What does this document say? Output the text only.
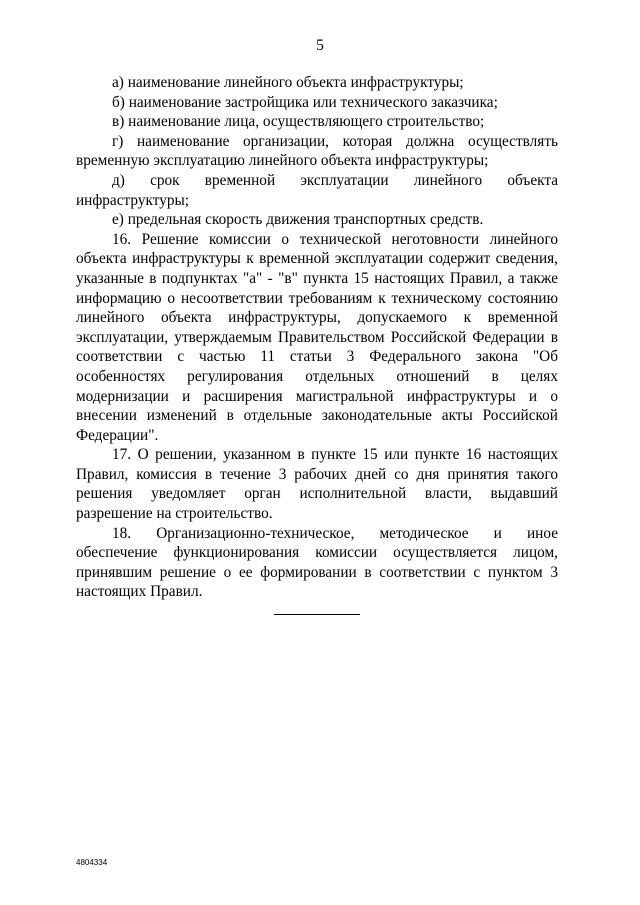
5

а) наименование линейного объекта инфраструктуры;

б) наименование застройщика или технического заказчика;

в) наименование лица, осуществляющего строительство;

г) наименование организации, которая должна осуществлять временную эксплуатацию линейного объекта инфраструктуры;

д) срок временной эксплуатации линейного объекта инфраструктуры;

е) предельная скорость движения транспортных средств.

16. Решение комиссии о технической неготовности линейного объекта инфраструктуры к временной эксплуатации содержит сведения, указанные в подпунктах "а" - "в" пункта 15 настоящих Правил, а также информацию о несоответствии требованиям к техническому состоянию линейного объекта инфраструктуры, допускаемого к временной эксплуатации, утверждаемым Правительством Российской Федерации в соответствии с частью 11 статьи 3 Федерального закона "Об особенностях регулирования отдельных отношений в целях модернизации и расширения магистральной инфраструктуры и о внесении изменений в отдельные законодательные акты Российской Федерации".

17. О решении, указанном в пункте 15 или пункте 16 настоящих Правил, комиссия в течение 3 рабочих дней со дня принятия такого решения уведомляет орган исполнительной власти, выдавший разрешение на строительство.

18. Организационно-техническое, методическое и иное обеспечение функционирования комиссии осуществляется лицом, принявшим решение о ее формировании в соответствии с пунктом 3 настоящих Правил.

4804334
